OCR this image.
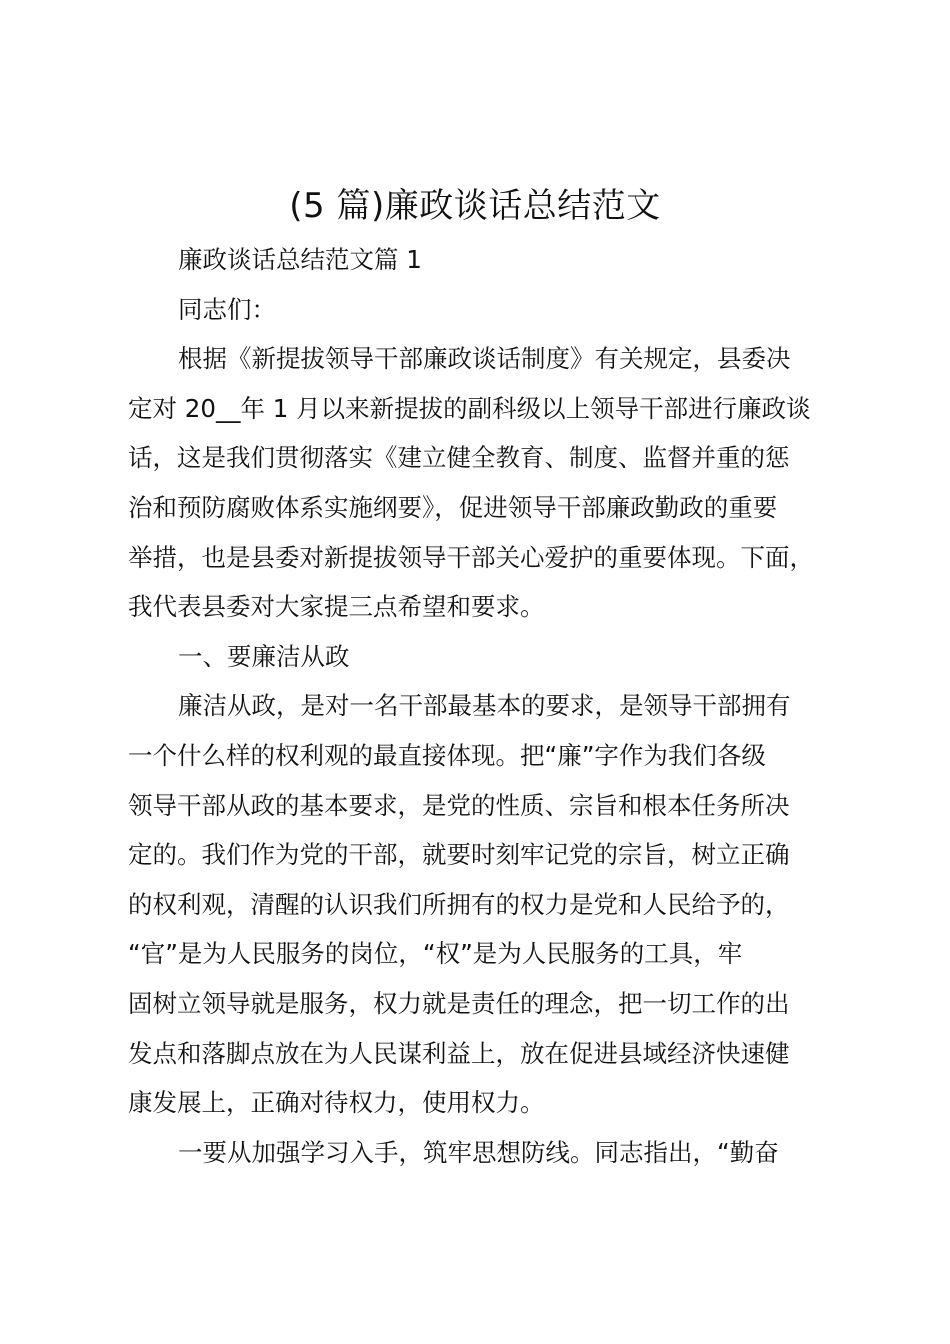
(5 篇)廉政谈话总结范文

廉政谈话总结范文篇 1

同志们：

根据《新提拔领导干部廉政谈话制度》有关规定，县委决
定对 20__年 1 月以来新提拔的副科级以上领导干部进行廉政谈
话，这是我们贯彻落实《建立健全教育、制度、监督并重的惩
治和预防腐败体系实施纲要》，促进领导干部廉政勤政的重要
举措，也是县委对新提拔领导干部关心爱护的重要体现。下面，
我代表县委对大家提三点希望和要求。

一、要廉洁从政

廉洁从政，是对一名干部最基本的要求，是领导干部拥有
一个什么样的权利观的最直接体现。把“廉”字作为我们各级
领导干部从政的基本要求，是党的性质、宗旨和根本任务所决
定的。我们作为党的干部，就要时刻牢记党的宗旨，树立正确
的权利观，清醒的认识我们所拥有的权力是党和人民给予的，
“官”是为人民服务的岗位，“权”是为人民服务的工具，牢
固树立领导就是服务，权力就是责任的理念，把一切工作的出
发点和落脚点放在为人民谋利益上，放在促进县域经济快速健
康发展上，正确对待权力，使用权力。

一要从加强学习入手，筑牢思想防线。同志指出，“勤奋
